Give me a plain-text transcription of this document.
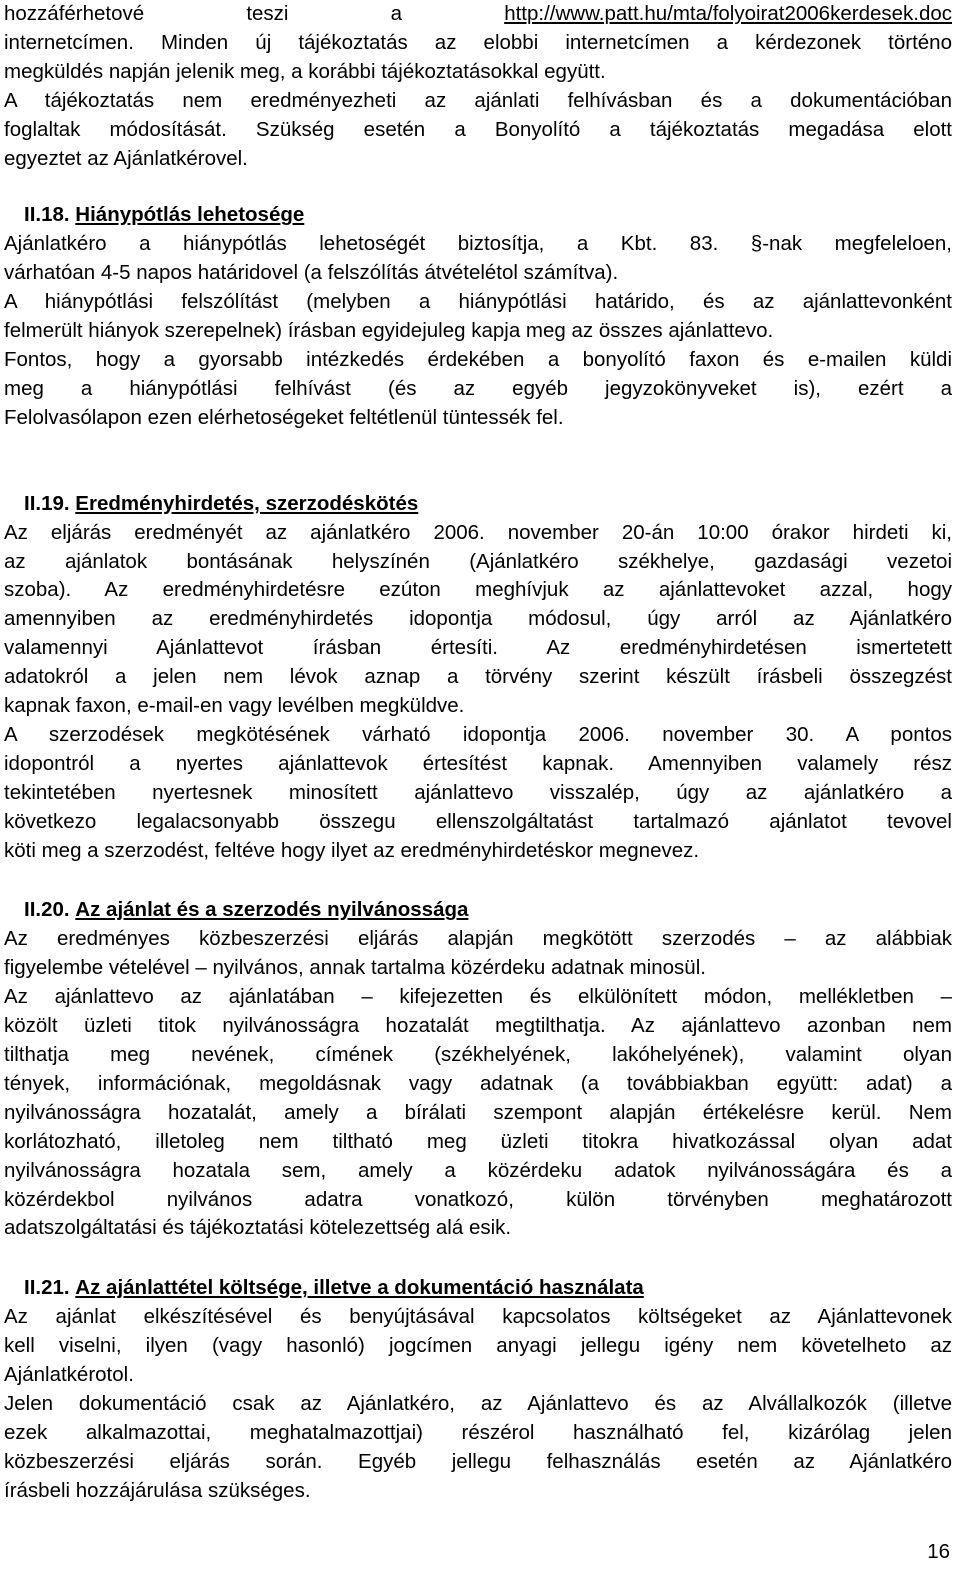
hozzáférhetové teszi a	http://www.patt.hu/mta/folyoirat2006kerdesek.doc
internetcímen. Minden új tájékoztatás az elobbi internetcímen a kérdezonek történo
megküldés napján jelenik meg, a korábbi tájékoztatásokkal együtt.
A tájékoztatás nem eredményezheti az ajánlati felhívásban és a dokumentációban
foglaltak módosítását. Szükség esetén a Bonyolító a tájékoztatás megadása elott
egyeztet az Ajánlatkérovel.
II.18. Hiánypótlás lehetosége
Ajánlatkéro a hiánypótlás lehetoségét biztosítja, a Kbt. 83. §-nak megfeleloen,
várhatóan 4-5 napos határidovel (a felszólítás átvételétol számítva).
A hiánypótlási felszólítást (melyben a hiánypótlási határido, és az ajánlattevonként
felmerült hiányok szerepelnek) írásban egyidejuleg kapja meg az összes ajánlattevo.
Fontos, hogy a gyorsabb intézkedés érdekében a bonyolító faxon és e-mailen küldi
meg a hiánypótlási felhívást (és az egyéb jegyzokönyveket is), ezért a
Felolvasólapon ezen elérhetoségeket feltétlenül tüntessék fel.
II.19. Eredményhirdetés, szerzodéskötés
Az eljárás eredményét az ajánlatkéro 2006. november 20-án 10:00 órakor hirdeti ki,
az ajánlatok bontásának helyszínén (Ajánlatkéro székhelye, gazdasági vezetoi
szoba). Az eredményhirdetésre ezúton meghívjuk az ajánlattevoket azzal, hogy
amennyiben az eredményhirdetés idopontja módosul, úgy arról az Ajánlatkéro
valamennyi Ajánlattevot írásban értesíti. Az eredményhirdetésen ismertetett
adatokról a jelen nem lévok aznap a törvény szerint készült írásbeli összegzést
kapnak faxon, e-mail-en vagy levélben megküldve.
A szerzodések megkötésének várható idopontja 2006. november 30. A pontos
idopontról a nyertes ajánlattevok értesítést kapnak. Amennyiben valamely rész
tekintetében nyertesnek minosített ajánlattevo visszalép, úgy az ajánlatkéro a
következo legalacsonyabb összegu ellenszolgáltatást tartalmazó ajánlatot tevovel
köti meg a szerzodést, feltéve hogy ilyet az eredményhirdetéskor megnevez.
II.20. Az ajánlat és a szerzodés nyilvánossága
Az eredményes közbeszerzési eljárás alapján megkötött szerzodés – az alábbiak
figyelembe vételével – nyilvános, annak tartalma közérdeku adatnak minosül.
Az ajánlattevo az ajánlatában – kifejezetten és elkülönített módon, mellékletben –
közölt üzleti titok nyilvánosságra hozatalát megtilthatja. Az ajánlattevo azonban nem
tilthatja meg nevének, címének (székhelyének, lakóhelyének), valamint olyan
tények, információnak, megoldásnak vagy adatnak (a továbbiakban együtt: adat) a
nyilvánosságra hozatalát, amely a bírálati szempont alapján értékelésre kerül. Nem
korlátozható, illetoleg nem tiltható meg üzleti titokra hivatkozással olyan adat
nyilvánosságra hozatala sem, amely a közérdeku adatok nyilvánosságára és a
közérdekbol nyilvános adatra vonatkozó, külön törvényben meghatározott
adatszolgáltatási és tájékoztatási kötelezettség alá esik.
II.21. Az ajánlattétel költsége, illetve a dokumentáció használata
Az ajánlat elkészítésével és benyújtásával kapcsolatos költségeket az Ajánlattevonek
kell viselni, ilyen (vagy hasonló) jogcímen anyagi jellegu igény nem követelheto az
Ajánlatkérotol.
Jelen dokumentáció csak az Ajánlatkéro, az Ajánlattevo és az Alvállalkozók (illetve
ezek alkalmazottai, meghatalmazottjai) részérol használható fel, kizárólag jelen
közbeszerzési eljárás során. Egyéb jellegu felhasználás esetén az Ajánlatkéro
írásbeli hozzájárulása szükséges.
16
